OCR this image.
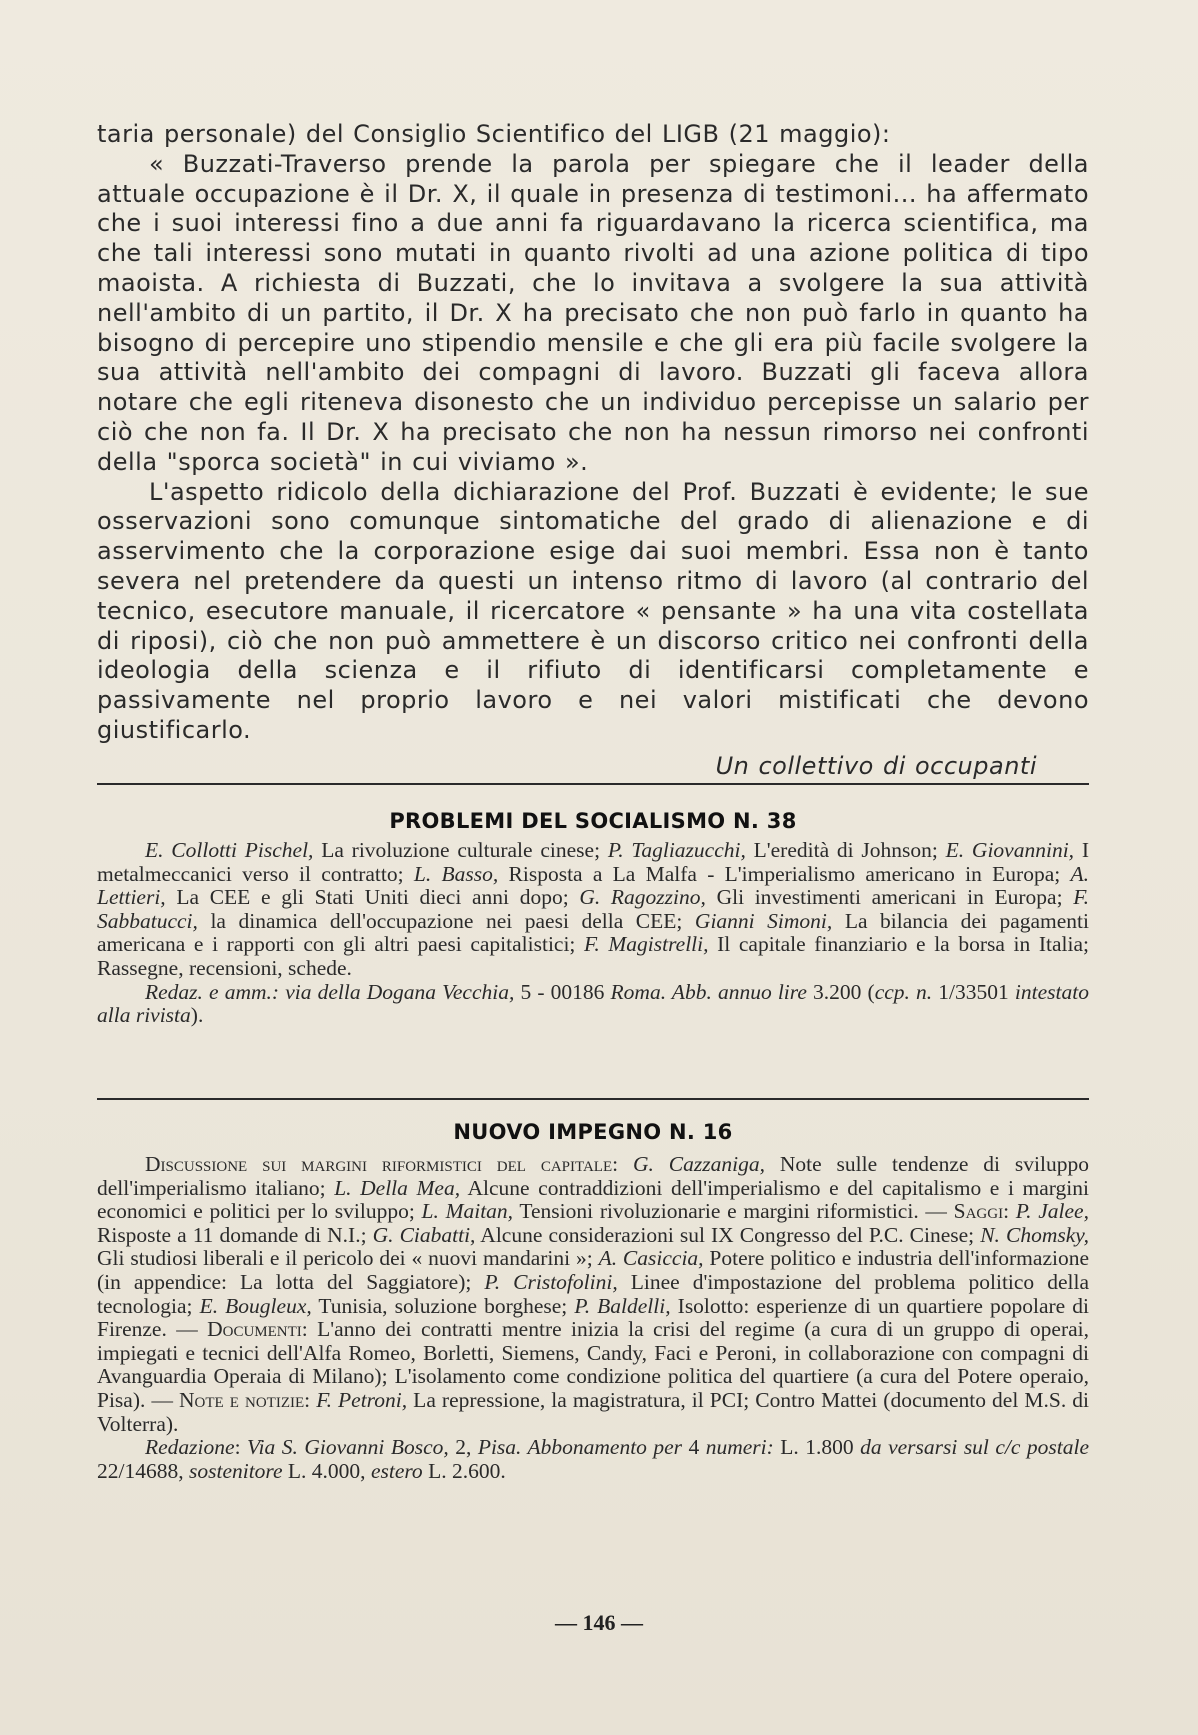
taria personale) del Consiglio Scientifico del LIGB (21 maggio):

« Buzzati-Traverso prende la parola per spiegare che il leader della attuale occupazione è il Dr. X, il quale in presenza di testimoni... ha affermato che i suoi interessi fino a due anni fa riguardavano la ricerca scientifica, ma che tali interessi sono mutati in quanto rivolti ad una azione politica di tipo maoista. A richiesta di Buzzati, che lo invitava a svolgere la sua attività nell'ambito di un partito, il Dr. X ha precisato che non può farlo in quanto ha bisogno di percepire uno stipendio mensile e che gli era più facile svolgere la sua attività nell'ambito dei compagni di lavoro. Buzzati gli faceva allora notare che egli riteneva disonesto che un individuo percepisse un salario per ciò che non fa. Il Dr. X ha precisato che non ha nessun rimorso nei confronti della "sporca società" in cui viviamo ».

L'aspetto ridicolo della dichiarazione del Prof. Buzzati è evidente; le sue osservazioni sono comunque sintomatiche del grado di alienazione e di asservimento che la corporazione esige dai suoi membri. Essa non è tanto severa nel pretendere da questi un intenso ritmo di lavoro (al contrario del tecnico, esecutore manuale, il ricercatore « pensante » ha una vita costellata di riposi), ciò che non può ammettere è un discorso critico nei confronti della ideologia della scienza e il rifiuto di identificarsi completamente e passivamente nel proprio lavoro e nei valori mistificati che devono giustificarlo.

Un collettivo di occupanti

PROBLEMI DEL SOCIALISMO N. 38

E. Collotti Pischel, La rivoluzione culturale cinese; P. Tagliazucchi, L'eredità di Johnson; E. Giovannini, I metalmeccanici verso il contratto; L. Basso, Risposta a La Malfa - L'imperialismo americano in Europa; A. Lettieri, La CEE e gli Stati Uniti dieci anni dopo; G. Ragozzino, Gli investimenti americani in Europa; F. Sabbatucci, la dinamica dell'occupazione nei paesi della CEE; Gianni Simoni, La bilancia dei pagamenti americana e i rapporti con gli altri paesi capitalistici; F. Magistrelli, Il capitale finanziario e la borsa in Italia; Rassegne, recensioni, schede.

Redaz. e amm.: via della Dogana Vecchia, 5 - 00186 Roma. Abb. annuo lire 3.200 (ccp. n. 1/33501 intestato alla rivista).

NUOVO IMPEGNO N. 16

Discussione sui margini riformistici del capitale: G. Cazzaniga, Note sulle tendenze di sviluppo dell'imperialismo italiano; L. Della Mea, Alcune contraddizioni dell'imperialismo e del capitalismo e i margini economici e politici per lo sviluppo; L. Maitan, Tensioni rivoluzionarie e margini riformistici. — Saggi: P. Jalee, Risposte a 11 domande di N.I.; G. Ciabatti, Alcune considerazioni sul IX Congresso del P.C. Cinese; N. Chomsky, Gli studiosi liberali e il pericolo dei « nuovi mandarini »; A. Casiccia, Potere politico e industria dell'informazione (in appendice: La lotta del Saggiatore); P. Cristofolini, Linee d'impostazione del problema politico della tecnologia; E. Bougleux, Tunisia, soluzione borghese; P. Baldelli, Isolotto: esperienze di un quartiere popolare di Firenze. — Documenti: L'anno dei contratti mentre inizia la crisi del regime (a cura di un gruppo di operai, impiegati e tecnici dell'Alfa Romeo, Borletti, Siemens, Candy, Faci e Peroni, in collaborazione con compagni di Avanguardia Operaia di Milano); L'isolamento come condizione politica del quartiere (a cura del Potere operaio, Pisa). — Note e notizie: F. Petroni, La repressione, la magistratura, il PCI; Contro Mattei (documento del M.S. di Volterra).

Redazione: Via S. Giovanni Bosco, 2, Pisa. Abbonamento per 4 numeri: L. 1.800 da versarsi sul c/c postale 22/14688, sostenitore L. 4.000, estero L. 2.600.

— 146 —
